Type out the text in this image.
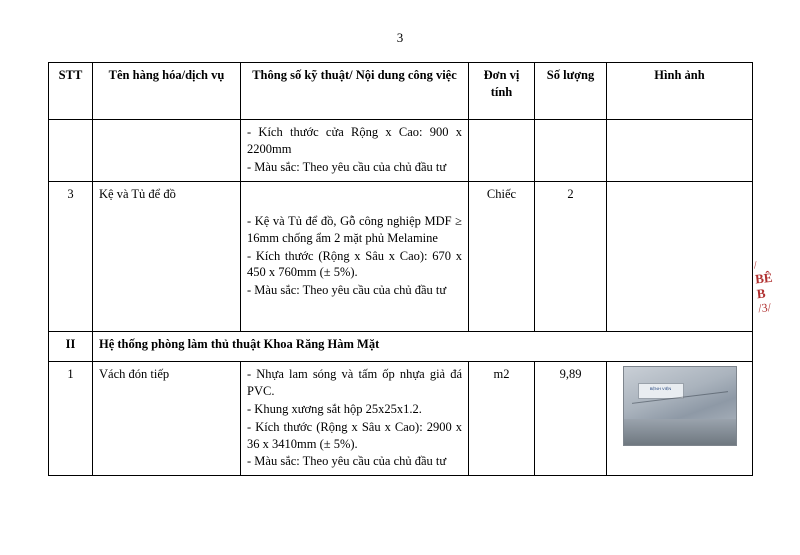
3
STT	Tên hàng hóa/dịch vụ	Thông số kỹ thuật/ Nội dung công việc	Đơn vị tính	Số lượng	Hình ảnh

		- Kích thước cửa Rộng x Cao: 900 x 2200mm
- Màu sắc: Theo yêu cầu của chủ đầu tư			

3	Kệ và Tủ để đồ	- Kệ và Tủ để đồ, Gỗ công nghiệp MDF ≥ 16mm chống ẩm 2 mặt phủ Melamine
- Kích thước (Rộng x Sâu x Cao): 670 x 450 x 760mm (± 5%).
- Màu sắc: Theo yêu cầu của chủ đầu tư	Chiếc	2	
II	Hệ thống phòng làm thủ thuật Khoa Răng Hàm Mặt				
1	Vách đón tiếp	- Nhựa lam sóng và tấm ốp nhựa giả đá PVC.
- Khung xương sắt hộp 25x25x1.2.
- Kích thước (Rộng x Sâu x Cao): 2900 x 36 x 3410mm (± 5%).
- Màu sắc: Theo yêu cầu của chủ đầu tư	m2	9,89	BỆNH VIỆN
/
BÊ
B
/3/
